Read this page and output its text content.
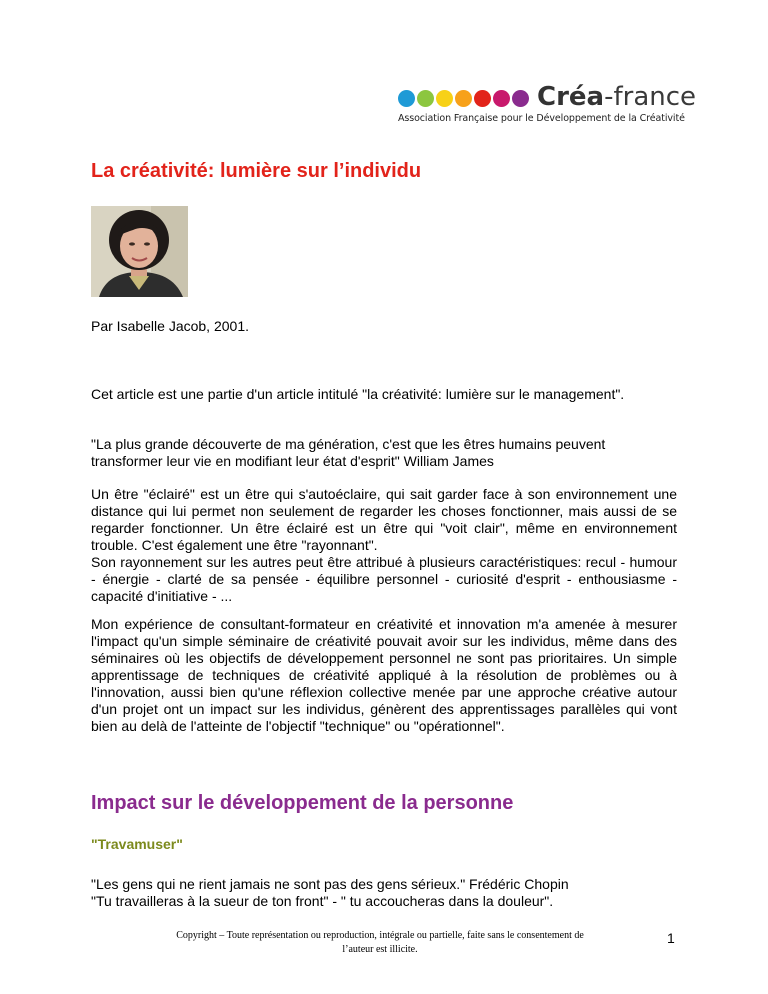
Créa-france
Association Française pour le Développement de la Créativité
La créativité: lumière sur l’individu

Par Isabelle Jacob, 2001.

Cet article est une partie d'un article intitulé "la créativité: lumière sur le management".

"La plus grande découverte de ma génération, c'est que les êtres humains peuvent transformer leur vie en modifiant leur état d'esprit" William James

Un être "éclairé" est un être qui s'autoéclaire, qui sait garder face à son environnement une distance qui lui permet non seulement de regarder les choses fonctionner, mais aussi de se regarder fonctionner. Un être éclairé est un être qui "voit clair", même en environnement trouble. C'est également une être "rayonnant".

Son rayonnement sur les autres peut être attribué à plusieurs caractéristiques: recul - humour - énergie - clarté de sa pensée - équilibre personnel - curiosité d'esprit - enthousiasme - capacité d'initiative - ...

Mon expérience de consultant-formateur en créativité et innovation m'a amenée à mesurer l'impact qu'un simple séminaire de créativité pouvait avoir sur les individus, même dans des séminaires où les objectifs de développement personnel ne sont pas prioritaires. Un simple apprentissage de techniques de créativité appliqué à la résolution de problèmes ou à l'innovation, aussi bien qu'une réflexion collective menée par une approche créative autour d'un projet ont un impact sur les individus, génèrent des apprentissages parallèles qui vont bien au delà de l'atteinte de l'objectif "technique" ou "opérationnel".

Impact sur le développement de la personne
"Travamuser"

"Les gens qui ne rient jamais ne sont pas des gens sérieux." Frédéric Chopin

"Tu travailleras à la sueur de ton front" - " tu accoucheras dans la douleur".

Copyright – Toute représentation ou reproduction, intégrale ou partielle, faite sans le consentement de
l’auteur est illicite.
1
